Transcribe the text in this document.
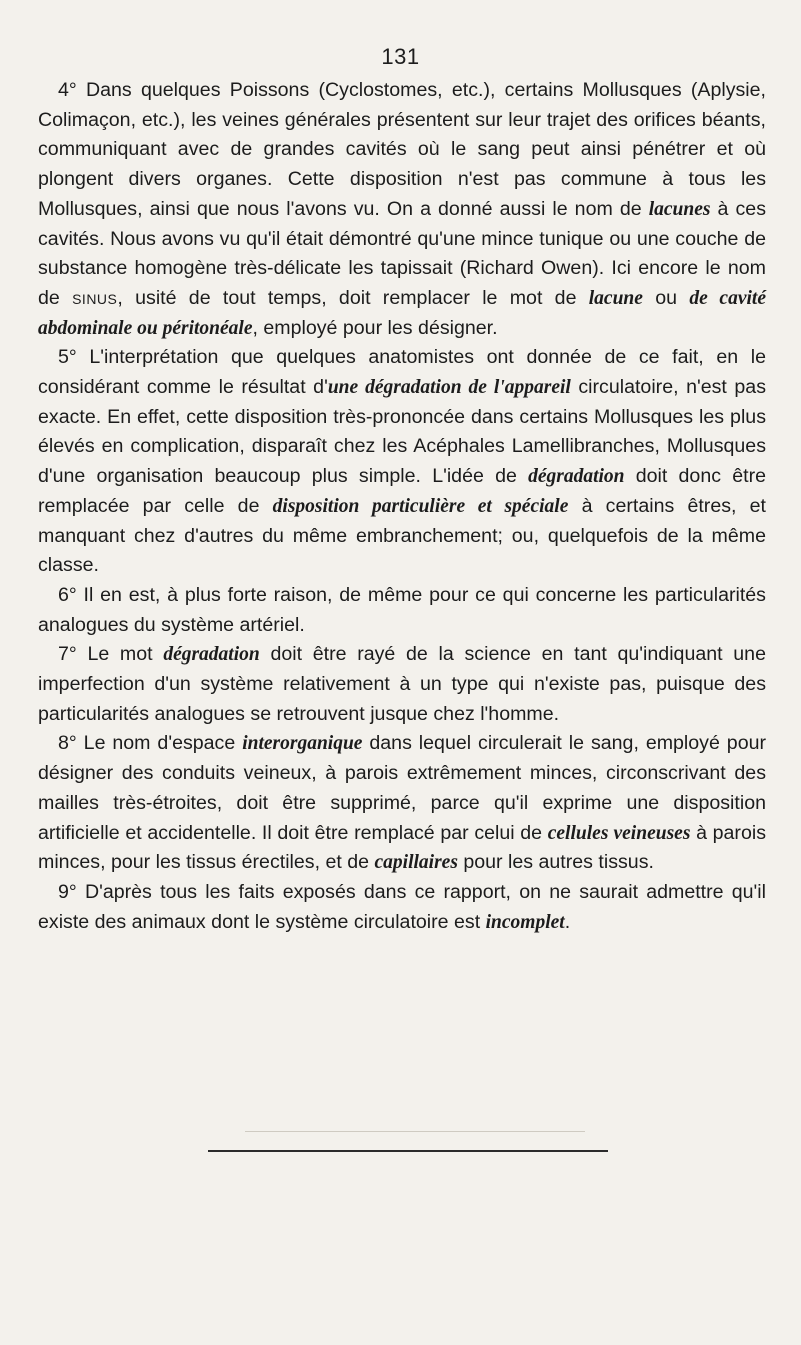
131

4° Dans quelques Poissons (Cyclostomes, etc.), certains Mollusques (Aplysie, Colimaçon, etc.), les veines générales présentent sur leur trajet des orifices béants, communiquant avec de grandes cavités où le sang peut ainsi pénétrer et où plongent divers organes. Cette disposition n'est pas commune à tous les Mollusques, ainsi que nous l'avons vu. On a donné aussi le nom de lacunes à ces cavités. Nous avons vu qu'il était démontré qu'une mince tunique ou une couche de substance homogène très-délicate les tapissait (Richard Owen). Ici encore le nom de sinus, usité de tout temps, doit remplacer le mot de lacune ou de cavité abdominale ou péritonéale, employé pour les désigner.

5° L'interprétation que quelques anatomistes ont donnée de ce fait, en le considérant comme le résultat d'une dégradation de l'appareil circulatoire, n'est pas exacte. En effet, cette disposition très-prononcée dans certains Mollusques les plus élevés en complication, disparaît chez les Acéphales Lamellibranches, Mollusques d'une organisation beaucoup plus simple. L'idée de dégradation doit donc être remplacée par celle de disposition particulière et spéciale à certains êtres, et manquant chez d'autres du même embranchement; ou, quelquefois de la même classe.

6° Il en est, à plus forte raison, de même pour ce qui concerne les particularités analogues du système artériel.

7° Le mot dégradation doit être rayé de la science en tant qu'indiquant une imperfection d'un système relativement à un type qui n'existe pas, puisque des particularités analogues se retrouvent jusque chez l'homme.

8° Le nom d'espace interorganique dans lequel circulerait le sang, employé pour désigner des conduits veineux, à parois extrêmement minces, circonscrivant des mailles très-étroites, doit être supprimé, parce qu'il exprime une disposition artificielle et accidentelle. Il doit être remplacé par celui de cellules veineuses à parois minces, pour les tissus érectiles, et de capillaires pour les autres tissus.

9° D'après tous les faits exposés dans ce rapport, on ne saurait admettre qu'il existe des animaux dont le système circulatoire est incomplet.
